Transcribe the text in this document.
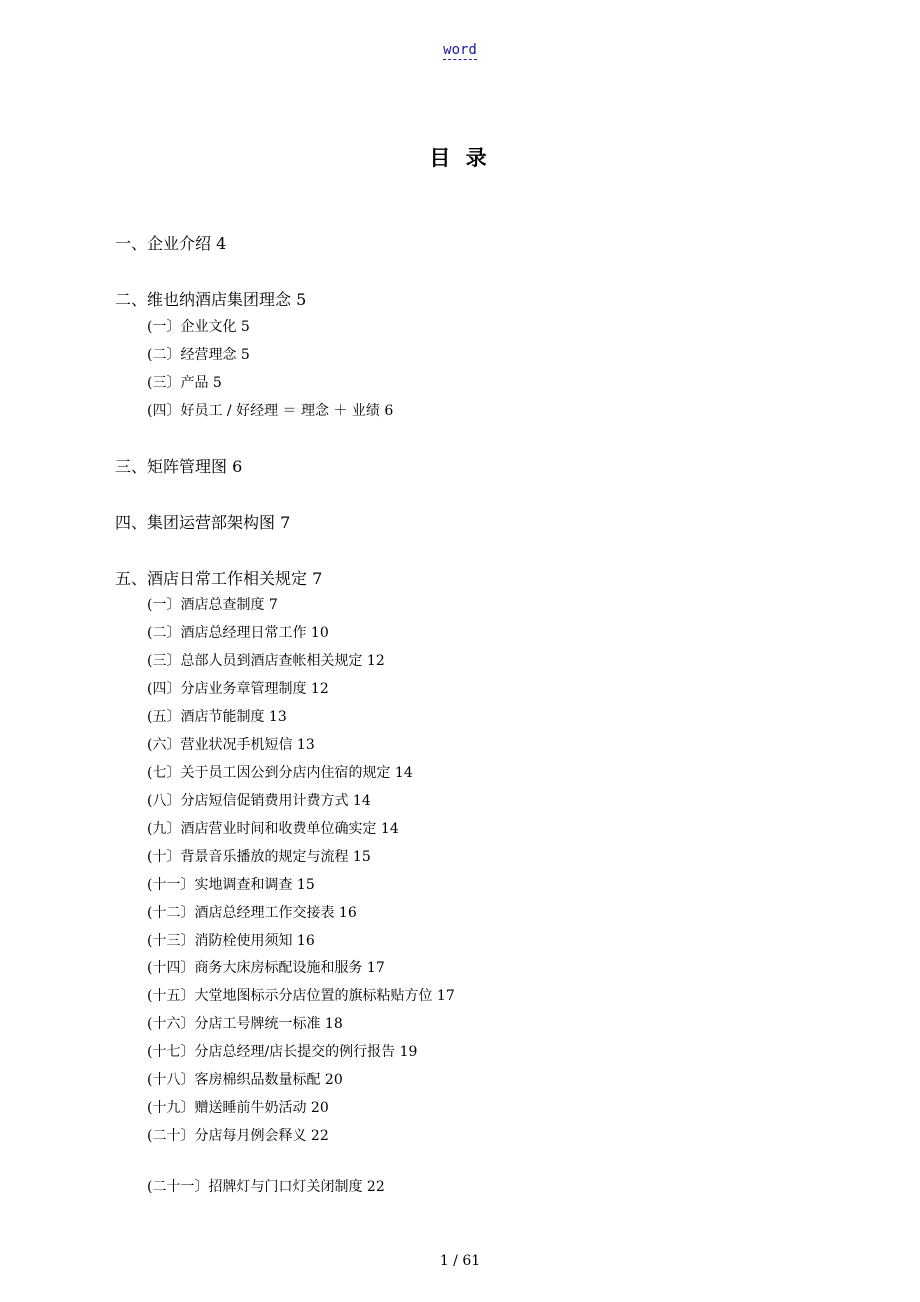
word
目 录
一、企业介绍 4
二、维也纳酒店集团理念 5
(一〕企业文化 5
(二〕经营理念 5
(三〕产品 5
(四〕好员工 / 好经理 ＝ 理念 ＋ 业绩 6
三、矩阵管理图 6
四、集团运营部架构图 7
五、酒店日常工作相关规定 7
(一〕酒店总查制度 7
(二〕酒店总经理日常工作 10
(三〕总部人员到酒店查帐相关规定 12
(四〕分店业务章管理制度 12
(五〕酒店节能制度 13
(六〕营业状况手机短信 13
(七〕关于员工因公到分店内住宿的规定 14
(八〕分店短信促销费用计费方式 14
(九〕酒店营业时间和收费单位确实定 14
(十〕背景音乐播放的规定与流程 15
(十一〕实地调查和调查 15
(十二〕酒店总经理工作交接表 16
(十三〕消防栓使用须知 16
(十四〕商务大床房标配设施和服务 17
(十五〕大堂地图标示分店位置的旗标粘贴方位 17
(十六〕分店工号牌统一标准 18
(十七〕分店总经理/店长提交的例行报告 19
(十八〕客房棉织品数量标配 20
(十九〕赠送睡前牛奶活动 20
(二十〕分店每月例会释义 22
(二十一〕招牌灯与门口灯关闭制度 22
1 / 61
